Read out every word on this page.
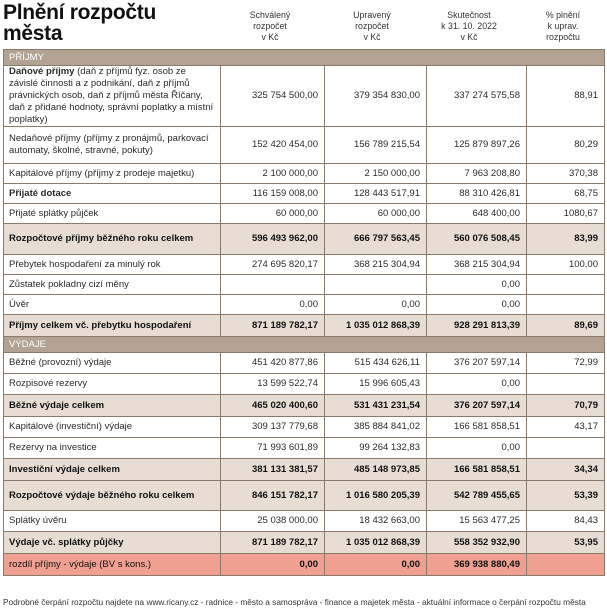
Plnění rozpočtu
města
Schválený
rozpočet
v Kč
Upravený
rozpočet
v Kč
Skutečnost
k 31. 10. 2022
v Kč
% plnění
k uprav.
rozpočtu
PŘÍJMY				
Daňové příjmy (daň z příjmů fyz. osob ze závislé činnosti a z podnikání, daň z příjmů právnických osob, daň z příjmů města Říčany, daň z přidané hodnoty, správní poplatky a místní poplatky)	325 754 500,00	379 354 830,00	337 274 575,58	88,91
Nedaňové příjmy (příjmy z pronájmů, parkovací automaty, školné, stravné, pokuty)	152 420 454,00	156 789 215,54	125 879 897,26	80,29
Kapitálové příjmy (příjmy z prodeje majetku)	2 100 000,00	2 150 000,00	7 963 208,80	370,38
Přijaté dotace	116 159 008,00	128 443 517,91	88 310 426,81	68,75
Přijaté splátky půjček	60 000,00	60 000,00	648 400,00	1080,67
Rozpočtové příjmy běžného roku celkem	596 493 962,00	666 797 563,45	560 076 508,45	83,99
Přebytek hospodaření za minulý rok	274 695 820,17	368 215 304,94	368 215 304,94	100,00
Zůstatek pokladny cizí měny			0,00	
Úvěr	0,00	0,00	0,00	
Příjmy celkem vč. přebytku hospodaření	871 189 782,17	1 035 012 868,39	928 291 813,39	89,69
VÝDAJE				
Běžné (provozní) výdaje	451 420 877,86	515 434 626,11	376 207 597,14	72,99
Rozpisové rezervy	13 599 522,74	15 996 605,43	0,00	
Běžné výdaje celkem	465 020 400,60	531 431 231,54	376 207 597,14	70,79
Kapitálové (investiční) výdaje	309 137 779,68	385 884 841,02	166 581 858,51	43,17
Rezervy na investice	71 993 601,89	99 264 132,83	0,00	
Investiční výdaje celkem	381 131 381,57	485 148 973,85	166 581 858,51	34,34
Rozpočtové výdaje běžného roku celkem	846 151 782,17	1 016 580 205,39	542 789 455,65	53,39
Splátky úvěru	25 038 000,00	18 432 663,00	15 563 477,25	84,43
Výdaje vč. splátky půjčky	871 189 782,17	1 035 012 868,39	558 352 932,90	53,95
rozdíl příjmy - výdaje (BV s kons.)	0,00	0,00	369 938 880,49	
Podrobné čerpání rozpočtu najdete na www.ricany.cz - radnice - město a samospráva - finance a majetek města - aktuální informace o čerpání rozpočtu města
